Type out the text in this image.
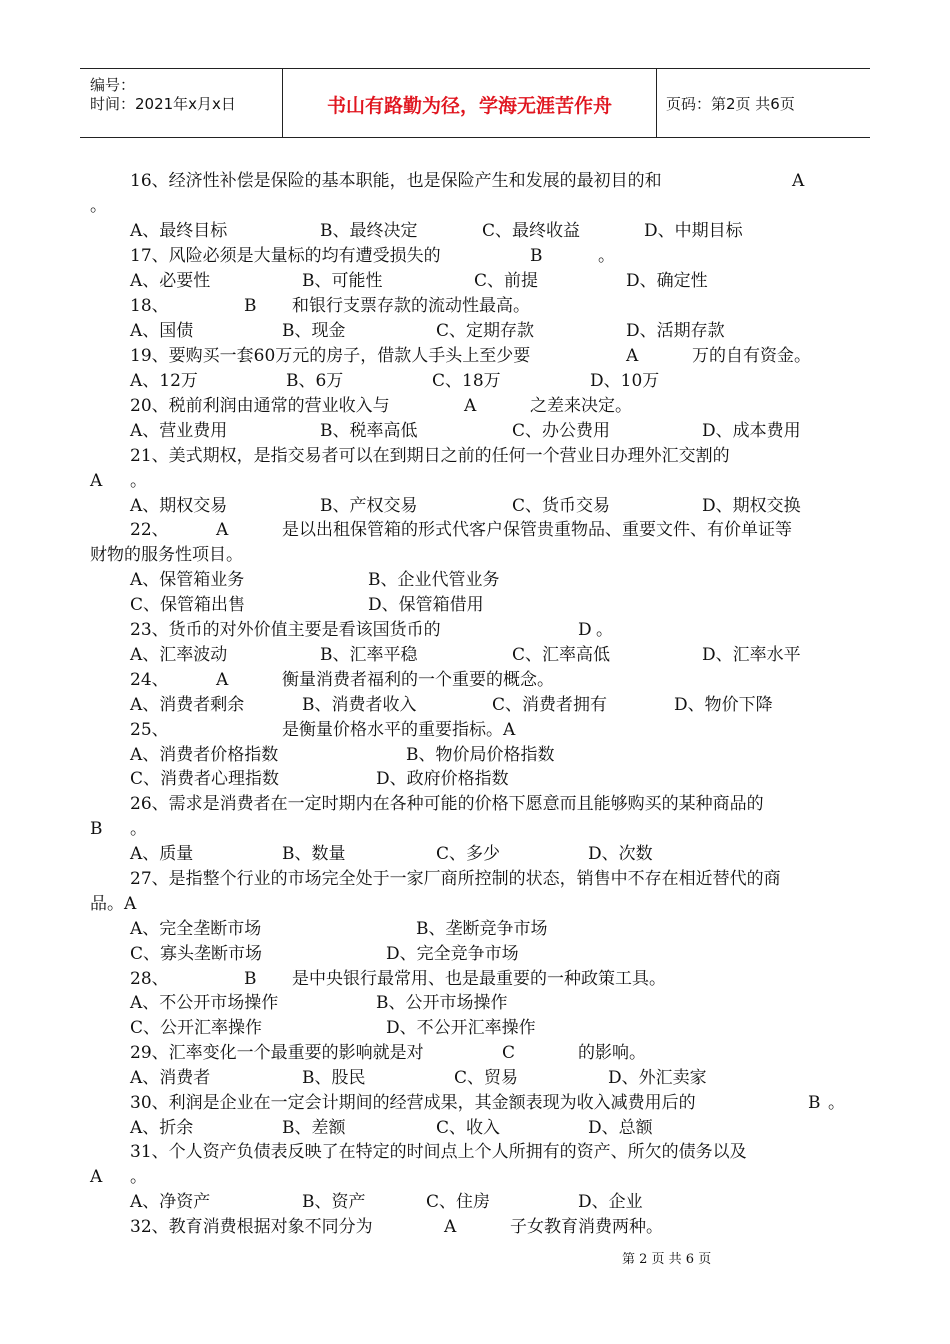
编号：
时间：2021年x月x日	书山有路勤为径，学海无涯苦作舟	页码：第2页 共6页
16、经济性补偿是保险的基本职能，也是保险产生和发展的最初目的和	A
。
A、最终目标	B、最终决定	C、最终收益	D、中期目标
17、风险必须是大量标的均有遭受损失的	B	。
A、必要性	B、可能性	C、前提	D、确定性
18、	B 和银行支票存款的流动性最高。
A、国债	B、现金	C、定期存款	D、活期存款
19、要购买一套60万元的房子，借款人手头上至少要	A	万的自有资金。
A、12万	B、6万	C、18万	D、10万
20、税前利润由通常的营业收入与	A	之差来决定。
A、营业费用	B、税率高低	C、办公费用	D、成本费用
21、美式期权，是指交易者可以在到期日之前的任何一个营业日办理外汇交割的
A 。
A、期权交易	B、产权交易	C、货币交易	D、期权交换
22、	A	是以出租保管箱的形式代客户保管贵重物品、重要文件、有价单证等
财物的服务性项目。
A、保管箱业务	B、企业代管业务
C、保管箱出售	D、保管箱借用
23、货币的对外价值主要是看该国货币的	D 。
A、汇率波动	B、汇率平稳	C、汇率高低	D、汇率水平
24、	A	衡量消费者福利的一个重要的概念。
A、消费者剩余	B、消费者收入	C、消费者拥有	D、物价下降
25、	是衡量价格水平的重要指标。A
A、消费者价格指数	B、物价局价格指数
C、消费者心理指数	D、政府价格指数
26、需求是消费者在一定时期内在各种可能的价格下愿意而且能够购买的某种商品的
B 。
A、质量	B、数量	C、多少	D、次数
27、是指整个行业的市场完全处于一家厂商所控制的状态，销售中不存在相近替代的商
品。A
A、完全垄断市场	B、垄断竞争市场
C、寡头垄断市场	D、完全竞争市场
28、	B 是中央银行最常用、也是最重要的一种政策工具。
A、不公开市场操作	B、公开市场操作
C、公开汇率操作	D、不公开汇率操作
29、汇率变化一个最重要的影响就是对	C	的影响。
A、消费者	B、股民	C、贸易	D、外汇卖家
30、利润是企业在一定会计期间的经营成果，其金额表现为收入减费用后的	B 。
A、折余	B、差额	C、收入	D、总额
31、个人资产负债表反映了在特定的时间点上个人所拥有的资产、所欠的债务以及
A 。
A、净资产	B、资产	C、住房	D、企业
32、教育消费根据对象不同分为	A	子女教育消费两种。
第 2 页 共 6 页
